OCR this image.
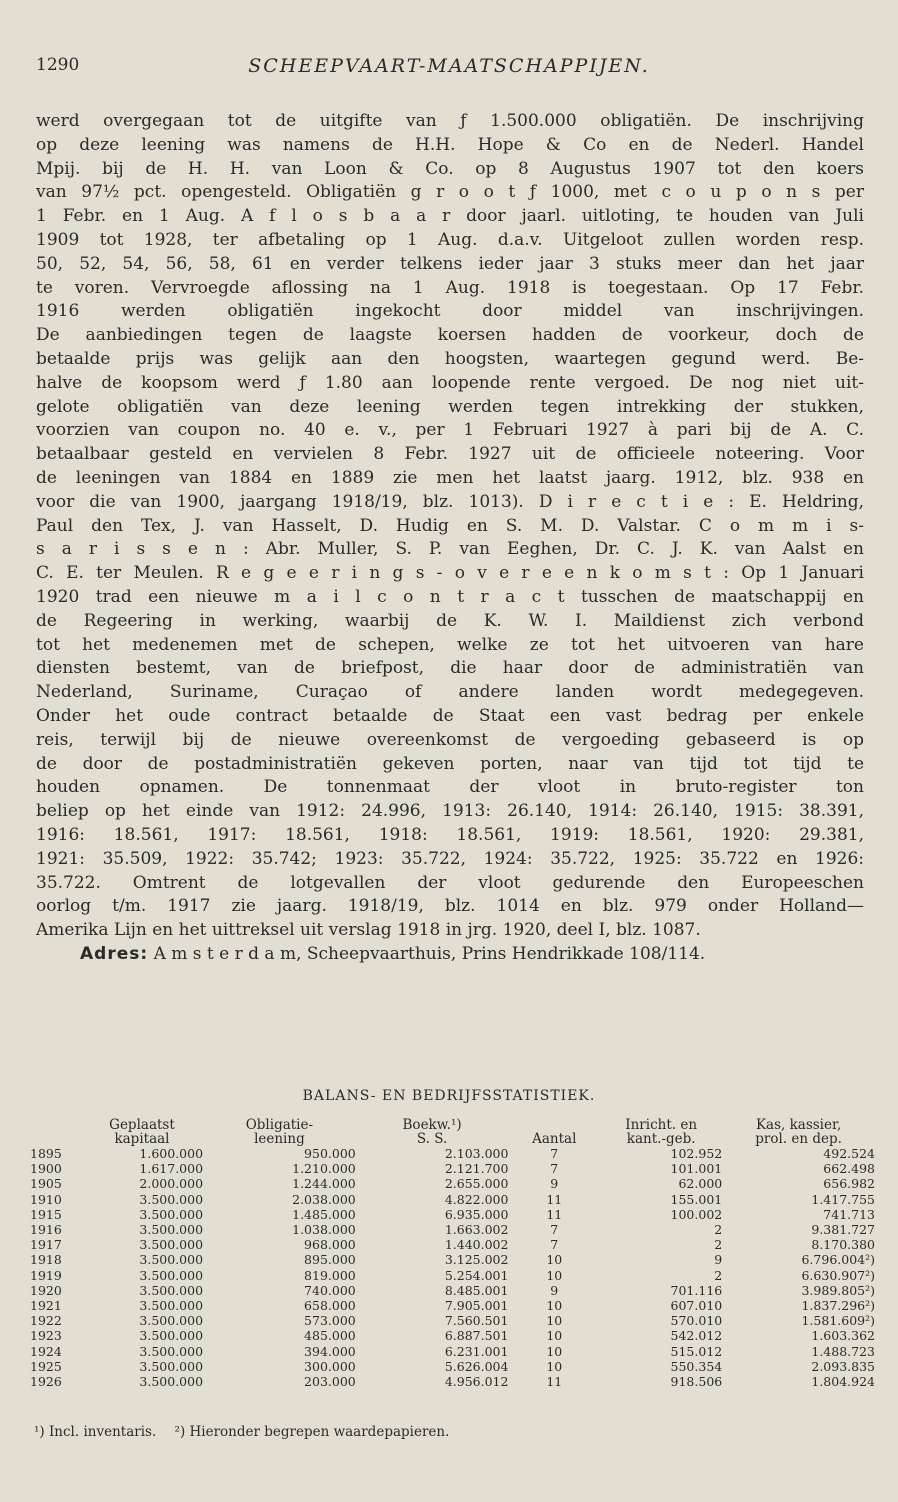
1290	SCHEEPVAART-MAATSCHAPPIJEN.
werd overgegaan tot de uitgifte van ƒ 1.500.000 obligatiën. De inschrijving
op deze leening was namens de H.H. Hope & Co en de Nederl. Handel
Mpij. bij de H. H. van Loon & Co. op 8 Augustus 1907 tot den koers
van 97½ pct. opengesteld. Obligatiën g r o o t ƒ 1000, met c o u p o n s per
1 Febr. en 1 Aug. A f l o s b a a r door jaarl. uitloting, te houden van Juli
1909 tot 1928, ter afbetaling op 1 Aug. d.a.v. Uitgeloot zullen worden resp.
50, 52, 54, 56, 58, 61 en verder telkens ieder jaar 3 stuks meer dan het jaar
te voren. Vervroegde aflossing na 1 Aug. 1918 is toegestaan. Op 17 Febr.
1916 werden obligatiën ingekocht door middel van inschrijvingen.
De aanbiedingen tegen de laagste koersen hadden de voorkeur, doch de
betaalde prijs was gelijk aan den hoogsten, waartegen gegund werd. Be-
halve de koopsom werd ƒ 1.80 aan loopende rente vergoed. De nog niet uit-
gelote obligatiën van deze leening werden tegen intrekking der stukken,
voorzien van coupon no. 40 e. v., per 1 Februari 1927 à pari bij de A. C.
betaalbaar gesteld en vervielen 8 Febr. 1927 uit de officieele noteering. Voor
de leeningen van 1884 en 1889 zie men het laatst jaarg. 1912, blz. 938 en
voor die van 1900, jaargang 1918/19, blz. 1013). D i r e c t i e : E. Heldring,
Paul den Tex, J. van Hasselt, D. Hudig en S. M. D. Valstar. C o m m i s-
s a r i s s e n : Abr. Muller, S. P. van Eeghen, Dr. C. J. K. van Aalst en
C. E. ter Meulen. R e g e e r i n g s - o v e r e e n k o m s t : Op 1 Januari
1920 trad een nieuwe m a i l c o n t r a c t tusschen de maatschappij en
de Regeering in werking, waarbij de K. W. I. Maildienst zich verbond
tot het medenemen met de schepen, welke ze tot het uitvoeren van hare
diensten bestemt, van de briefpost, die haar door de administratiën van
Nederland, Suriname, Curaçao of andere landen wordt medegegeven.
Onder het oude contract betaalde de Staat een vast bedrag per enkele
reis, terwijl bij de nieuwe overeenkomst de vergoeding gebaseerd is op
de door de postadministratiën gekeven porten, naar van tijd tot tijd te
houden opnamen. De tonnenmaat der vloot in bruto-register ton
beliep op het einde van 1912: 24.996, 1913: 26.140, 1914: 26.140, 1915: 38.391,
1916: 18.561, 1917: 18.561, 1918: 18.561, 1919: 18.561, 1920: 29.381,
1921: 35.509, 1922: 35.742; 1923: 35.722, 1924: 35.722, 1925: 35.722 en 1926:
35.722. Omtrent de lotgevallen der vloot gedurende den Europeeschen
oorlog t/m. 1917 zie jaarg. 1918/19, blz. 1014 en blz. 979 onder Holland—
Amerika Lijn en het uittreksel uit verslag 1918 in jrg. 1920, deel I, blz. 1087.
Adres: A m s t e r d a m, Scheepvaarthuis, Prins Hendrikkade 108/114.
BALANS- EN BEDRIJFSSTATISTIEK.
	Geplaatst	Obligatie-	Boekw.¹)		Inricht. en	Kas, kassier,
	kapitaal	leening	S. S.	Aantal	kant.-geb.	prol. en dep.
1895	1.600.000	950.000	2.103.000	7	102.952	492.524
1900	1.617.000	1.210.000	2.121.700	7	101.001	662.498
1905	2.000.000	1.244.000	2.655.000	9	62.000	656.982
1910	3.500.000	2.038.000	4.822.000	11	155.001	1.417.755
1915	3.500.000	1.485.000	6.935.000	11	100.002	741.713
1916	3.500.000	1.038.000	1.663.002	7	2	9.381.727
1917	3.500.000	968.000	1.440.002	7	2	8.170.380
1918	3.500.000	895.000	3.125.002	10	9	6.796.004²)
1919	3.500.000	819.000	5.254.001	10	2	6.630.907²)
1920	3.500.000	740.000	8.485.001	9	701.116	3.989.805²)
1921	3.500.000	658.000	7.905.001	10	607.010	1.837.296²)
1922	3.500.000	573.000	7.560.501	10	570.010	1.581.609²)
1923	3.500.000	485.000	6.887.501	10	542.012	1.603.362
1924	3.500.000	394.000	6.231.001	10	515.012	1.488.723
1925	3.500.000	300.000	5.626.004	10	550.354	2.093.835
1926	3.500.000	203.000	4.956.012	11	918.506	1.804.924
¹) Incl. inventaris. ²) Hieronder begrepen waardepapieren.
